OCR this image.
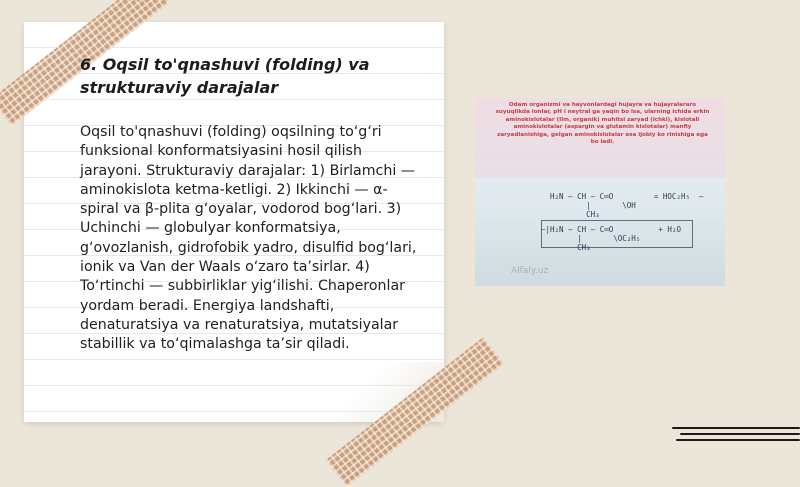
6. Oqsil to'qnashuvi (folding) va strukturaviy darajalar

Oqsil to'qnashuvi (folding) oqsilning to‘g‘ri funksional konformatsiyasini hosil qilish jarayoni. Strukturaviy darajalar: 1) Birlamchi — aminokislota ketma-ketligi. 2) Ikkinchi — α-spiral va β-plita g‘oyalar, vodorod bog‘lari. 3) Uchinchi — globulyar konformatsiya, g‘ovozlanish, gidrofobik yadro, disulfid bog‘lari, ionik va Van der Waals o‘zaro ta’sirlar. 4) To‘rtinchi — subbirliklar yig‘ilishi. Chaperonlar yordam beradi. Energiya landshafti, denaturatsiya va renaturatsiya, mutatsiyalar stabillik va to‘qimalashga ta’sir qiladi.

Odam organizmi va hayvonlardagi hujayra va hujayralararo suyuqlikda ionlar, pH i neytral ga yaqin bo lsa, ularning ichida erkin aminokislotalar (Ilm, organik) muhitsi zaryad (ichki), kislotali aminokislotalar (aspargin va glutamin kislotalar) manfiy zaryadlanishiga, gelgan aminokislotalar esa ijobiy ko rinishiga ega bo ladi.

H₂N — CH — C═O         = HOC₂H₅  —
|       \OH
CH₃
—|H₂N — CH — C═O          + H₂O
|       \OC₂H₅
CH₃
Alfaly.uz
